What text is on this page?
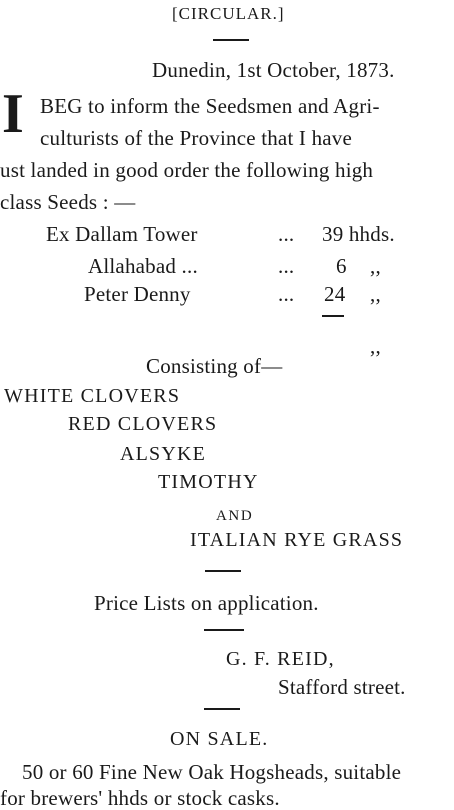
[CIRCULAR.]
Dunedin, 1st October, 1873.
I BEG to inform the Seedsmen and Agri-
culturists of the Province that I have
ust landed in good order the following high
class Seeds : —
Ex Dallam Tower	... 39 hhds.
Allahabad ...	... 6 ,,
Peter Denny	... 24 ,,
,,
Consisting of—
WHITE CLOVERS
RED CLOVERS
ALSYKE
TIMOTHY
AND
ITALIAN RYE GRASS
Price Lists on application.
G. F. REID,
Stafford street.
ON SALE.
50 or 60 Fine New Oak Hogsheads, suitable
for brewers' hhds or stock casks.
